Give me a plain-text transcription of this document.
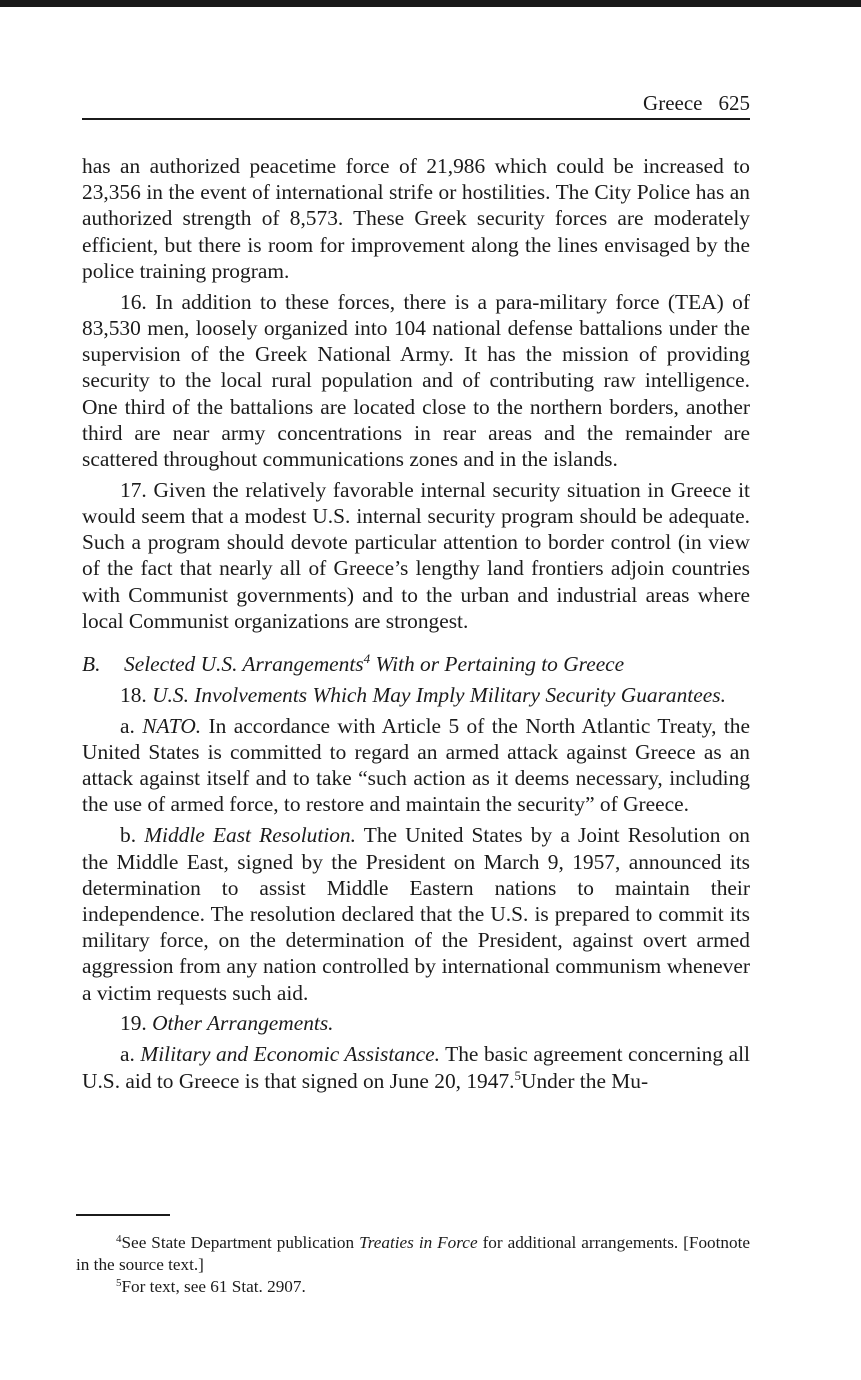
Greece 625

has an authorized peacetime force of 21,986 which could be increased to 23,356 in the event of international strife or hostilities. The City Police has an authorized strength of 8,573. These Greek security forces are moderately efficient, but there is room for improvement along the lines envisaged by the police training program.

16. In addition to these forces, there is a para-military force (TEA) of 83,530 men, loosely organized into 104 national defense battalions under the supervision of the Greek National Army. It has the mission of providing security to the local rural population and of contributing raw intelligence. One third of the battalions are located close to the northern borders, another third are near army concentrations in rear areas and the remainder are scattered throughout communications zones and in the islands.

17. Given the relatively favorable internal security situation in Greece it would seem that a modest U.S. internal security program should be adequate. Such a program should devote particular attention to border control (in view of the fact that nearly all of Greece’s lengthy land frontiers adjoin countries with Communist governments) and to the urban and industrial areas where local Communist organizations are strongest.

B. Selected U.S. Arrangements$^4$ With or Pertaining to Greece

18. U.S. Involvements Which May Imply Military Security Guarantees.

a. NATO. In accordance with Article 5 of the North Atlantic Treaty, the United States is committed to regard an armed attack against Greece as an attack against itself and to take “such action as it deems necessary, including the use of armed force, to restore and maintain the security” of Greece.

b. Middle East Resolution. The United States by a Joint Resolution on the Middle East, signed by the President on March 9, 1957, announced its determination to assist Middle Eastern nations to maintain their independence. The resolution declared that the U.S. is prepared to commit its military force, on the determination of the President, against overt armed aggression from any nation controlled by international communism whenever a victim requests such aid.

19. Other Arrangements.

a. Military and Economic Assistance. The basic agreement concerning all U.S. aid to Greece is that signed on June 20, 1947.$^5$Under the Mu-

$^4$See State Department publication Treaties in Force for additional arrangements. [Footnote in the source text.]

$^5$For text, see 61 Stat. 2907.
